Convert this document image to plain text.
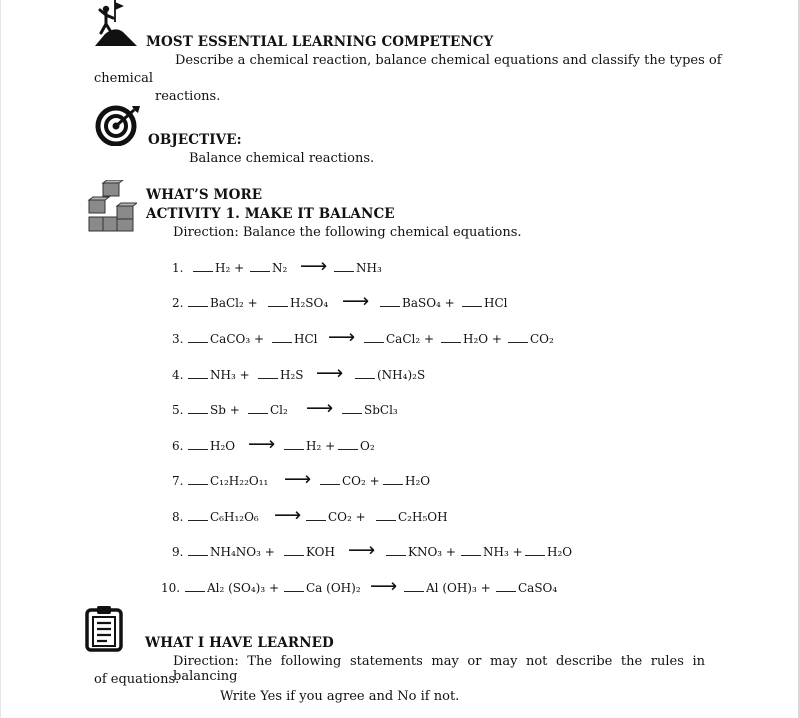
MOST ESSENTIAL LEARNING COMPETENCY
Describe a chemical reaction, balance chemical equations and classify the types of
chemical
reactions.
OBJECTIVE:
Balance chemical reactions.
WHAT’S MORE
ACTIVITY 1. MAKE IT BALANCE
Direction: Balance the following chemical equations.
1.	H₂ +	N₂ ⟶	NH₃
2.	BaCl₂ +	H₂SO₄ ⟶	BaSO₄ +	HCl
3.	CaCO₃ +	HCl ⟶	CaCl₂ +	H₂O +	CO₂
4.	NH₃ +	H₂S ⟶	(NH₄)₂S
5.	Sb +	Cl₂ ⟶	SbCl₃
6.	H₂O ⟶	H₂ +	O₂
7.	C₁₂H₂₂O₁₁ ⟶	CO₂ +	H₂O
8.	C₆H₁₂O₆ ⟶	CO₂ +	C₂H₅OH
9.	NH₄NO₃ +	KOH ⟶	KNO₃ +	NH₃ +	H₂O
10.	Al₂ (SO₄)₃ +	Ca (OH)₂ ⟶	Al (OH)₃ +	CaSO₄
WHAT I HAVE LEARNED
Direction: The following statements may or may not describe the rules in balancing
of equations.
Write Yes if you agree and No if not.
